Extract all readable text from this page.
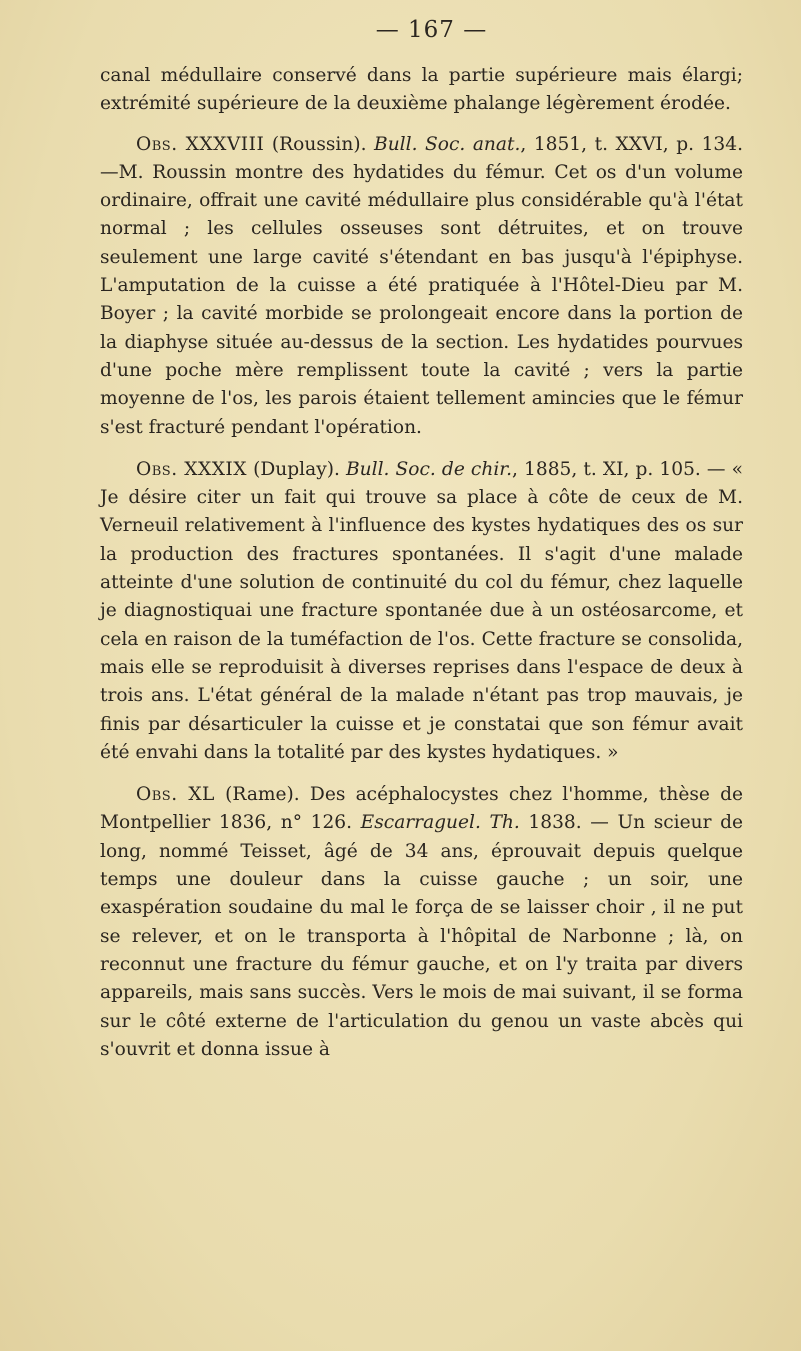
— 167 —

canal médullaire conservé dans la partie supérieure mais élargi; extrémité supérieure de la deuxième phalange légèrement érodée.

Obs. XXXVIII (Roussin). Bull. Soc. anat., 1851, t. XXVI, p. 134.—M. Roussin montre des hydatides du fémur. Cet os d'un volume ordinaire, offrait une cavité médullaire plus considérable qu'à l'état normal ; les cellules osseuses sont détruites, et on trouve seulement une large cavité s'étendant en bas jusqu'à l'épiphyse. L'amputation de la cuisse a été pratiquée à l'Hôtel-Dieu par M. Boyer ; la cavité morbide se prolongeait encore dans la portion de la diaphyse située au-dessus de la section. Les hydatides pourvues d'une poche mère remplissent toute la cavité ; vers la partie moyenne de l'os, les parois étaient tellement amincies que le fémur s'est fracturé pendant l'opération.

Obs. XXXIX (Duplay). Bull. Soc. de chir., 1885, t. XI, p. 105. — « Je désire citer un fait qui trouve sa place à côte de ceux de M. Verneuil relativement à l'influence des kystes hydatiques des os sur la production des fractures spontanées. Il s'agit d'une malade atteinte d'une solution de continuité du col du fémur, chez laquelle je diagnostiquai une fracture spontanée due à un ostéosarcome, et cela en raison de la tuméfaction de l'os. Cette fracture se consolida, mais elle se reproduisit à diverses reprises dans l'espace de deux à trois ans. L'état général de la malade n'étant pas trop mauvais, je finis par désarticuler la cuisse et je constatai que son fémur avait été envahi dans la totalité par des kystes hydatiques. »

Obs. XL (Rame). Des acéphalocystes chez l'homme, thèse de Montpellier 1836, n° 126. Escarraguel. Th. 1838. — Un scieur de long, nommé Teisset, âgé de 34 ans, éprouvait depuis quelque temps une douleur dans la cuisse gauche ; un soir, une exaspération soudaine du mal le força de se laisser choir , il ne put se relever, et on le transporta à l'hôpital de Narbonne ; là, on reconnut une fracture du fémur gauche, et on l'y traita par divers appareils, mais sans succès. Vers le mois de mai suivant, il se forma sur le côté externe de l'articulation du genou un vaste abcès qui s'ouvrit et donna issue à
